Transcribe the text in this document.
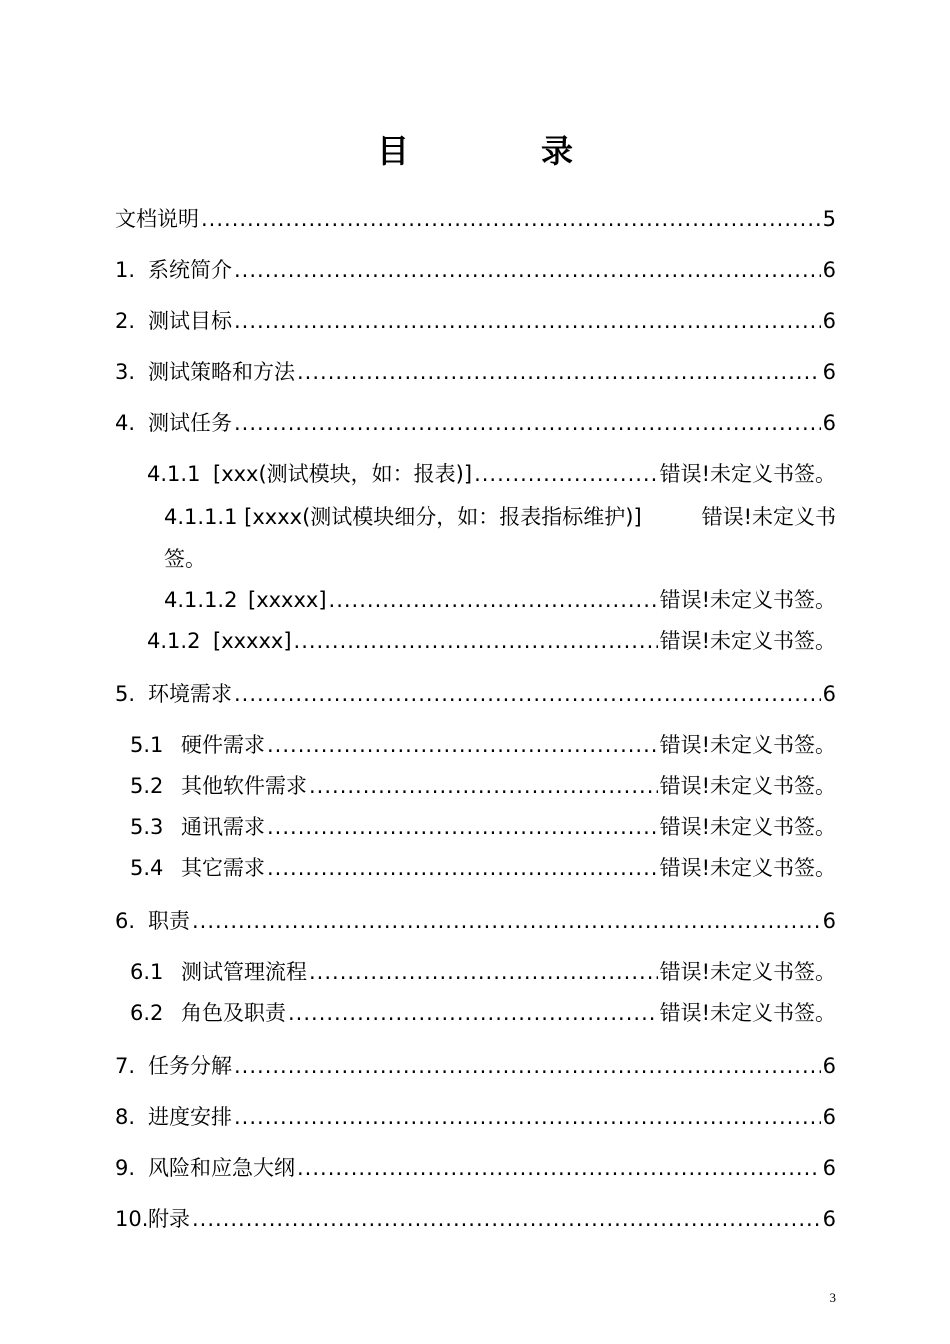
目　录
文档说明 .....	5
1. 系统简介 .....	6
2. 测试目标 .....	6
3. 测试策略和方法 .....	6
4. 测试任务 .....	6
4.1.1 [xxx(测试模块，如：报表)] .....	错误!未定义书签。
4.1.1.1 [xxxx(测试模块细分，如：报表指标维护)]	错误!未定义书
签。
4.1.1.2 [xxxxx] .....	错误!未定义书签。
4.1.2 [xxxxx] .....	错误!未定义书签。
5. 环境需求 .....	6
5.1 硬件需求 .....	错误!未定义书签。
5.2 其他软件需求 .....	错误!未定义书签。
5.3 通讯需求 .....	错误!未定义书签。
5.4 其它需求 .....	错误!未定义书签。
6. 职责 .....	6
6.1 测试管理流程 .....	错误!未定义书签。
6.2 角色及职责 .....	错误!未定义书签。
7. 任务分解 .....	6
8. 进度安排 .....	6
9. 风险和应急大纲 .....	6
10. 附录 .....	6
3
